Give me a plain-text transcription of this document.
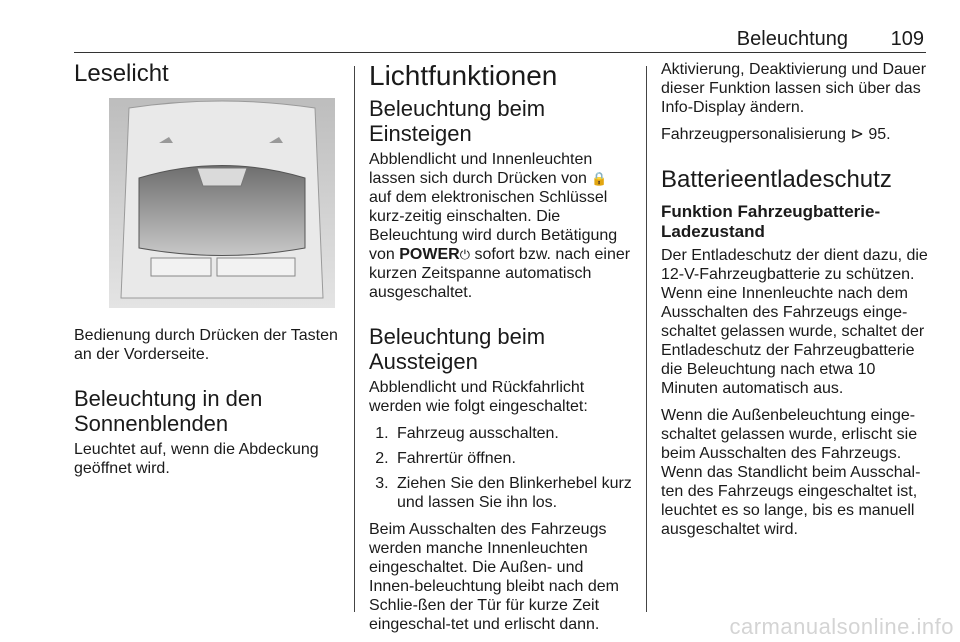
Beleuchtung 109
Leselicht

Bedienung durch Drücken der Tasten an der Vorderseite.

Beleuchtung in den Sonnenblenden

Leuchtet auf, wenn die Abdeckung geöffnet wird.

Lichtfunktionen
Beleuchtung beim Einsteigen

Abblendlicht und Innenleuchten lassen sich durch Drücken von 🔒 auf dem elektronischen Schlüssel kurz-zeitig einschalten. Die Beleuchtung wird durch Betätigung von POWER⏻ sofort bzw. nach einer kurzen Zeitspanne automatisch ausgeschaltet.

Beleuchtung beim Aussteigen

Abblendlicht und Rückfahrlicht werden wie folgt eingeschaltet:

1. Fahrzeug ausschalten.
2. Fahrertür öffnen.
3. Ziehen Sie den Blinkerhebel kurz und lassen Sie ihn los.

Beim Ausschalten des Fahrzeugs werden manche Innenleuchten eingeschaltet. Die Außen- und Innen-beleuchtung bleibt nach dem Schlie-ßen der Tür für kurze Zeit eingeschal-tet und erlischt dann.

Aktivierung, Deaktivierung und Dauer dieser Funktion lassen sich über das Info-Display ändern.

Fahrzeugpersonalisierung ⊳ 95.

Batterieentladeschutz
Funktion Fahrzeugbatterie-Ladezustand

Der Entladeschutz der dient dazu, die 12-V-Fahrzeugbatterie zu schützen. Wenn eine Innenleuchte nach dem Ausschalten des Fahrzeugs einge-schaltet gelassen wurde, schaltet der Entladeschutz der Fahrzeugbatterie die Beleuchtung nach etwa 10 Minuten automatisch aus.

Wenn die Außenbeleuchtung einge-schaltet gelassen wurde, erlischt sie beim Ausschalten des Fahrzeugs. Wenn das Standlicht beim Ausschal-ten des Fahrzeugs eingeschaltet ist, leuchtet es so lange, bis es manuell ausgeschaltet wird.

carmanualsonline.info
